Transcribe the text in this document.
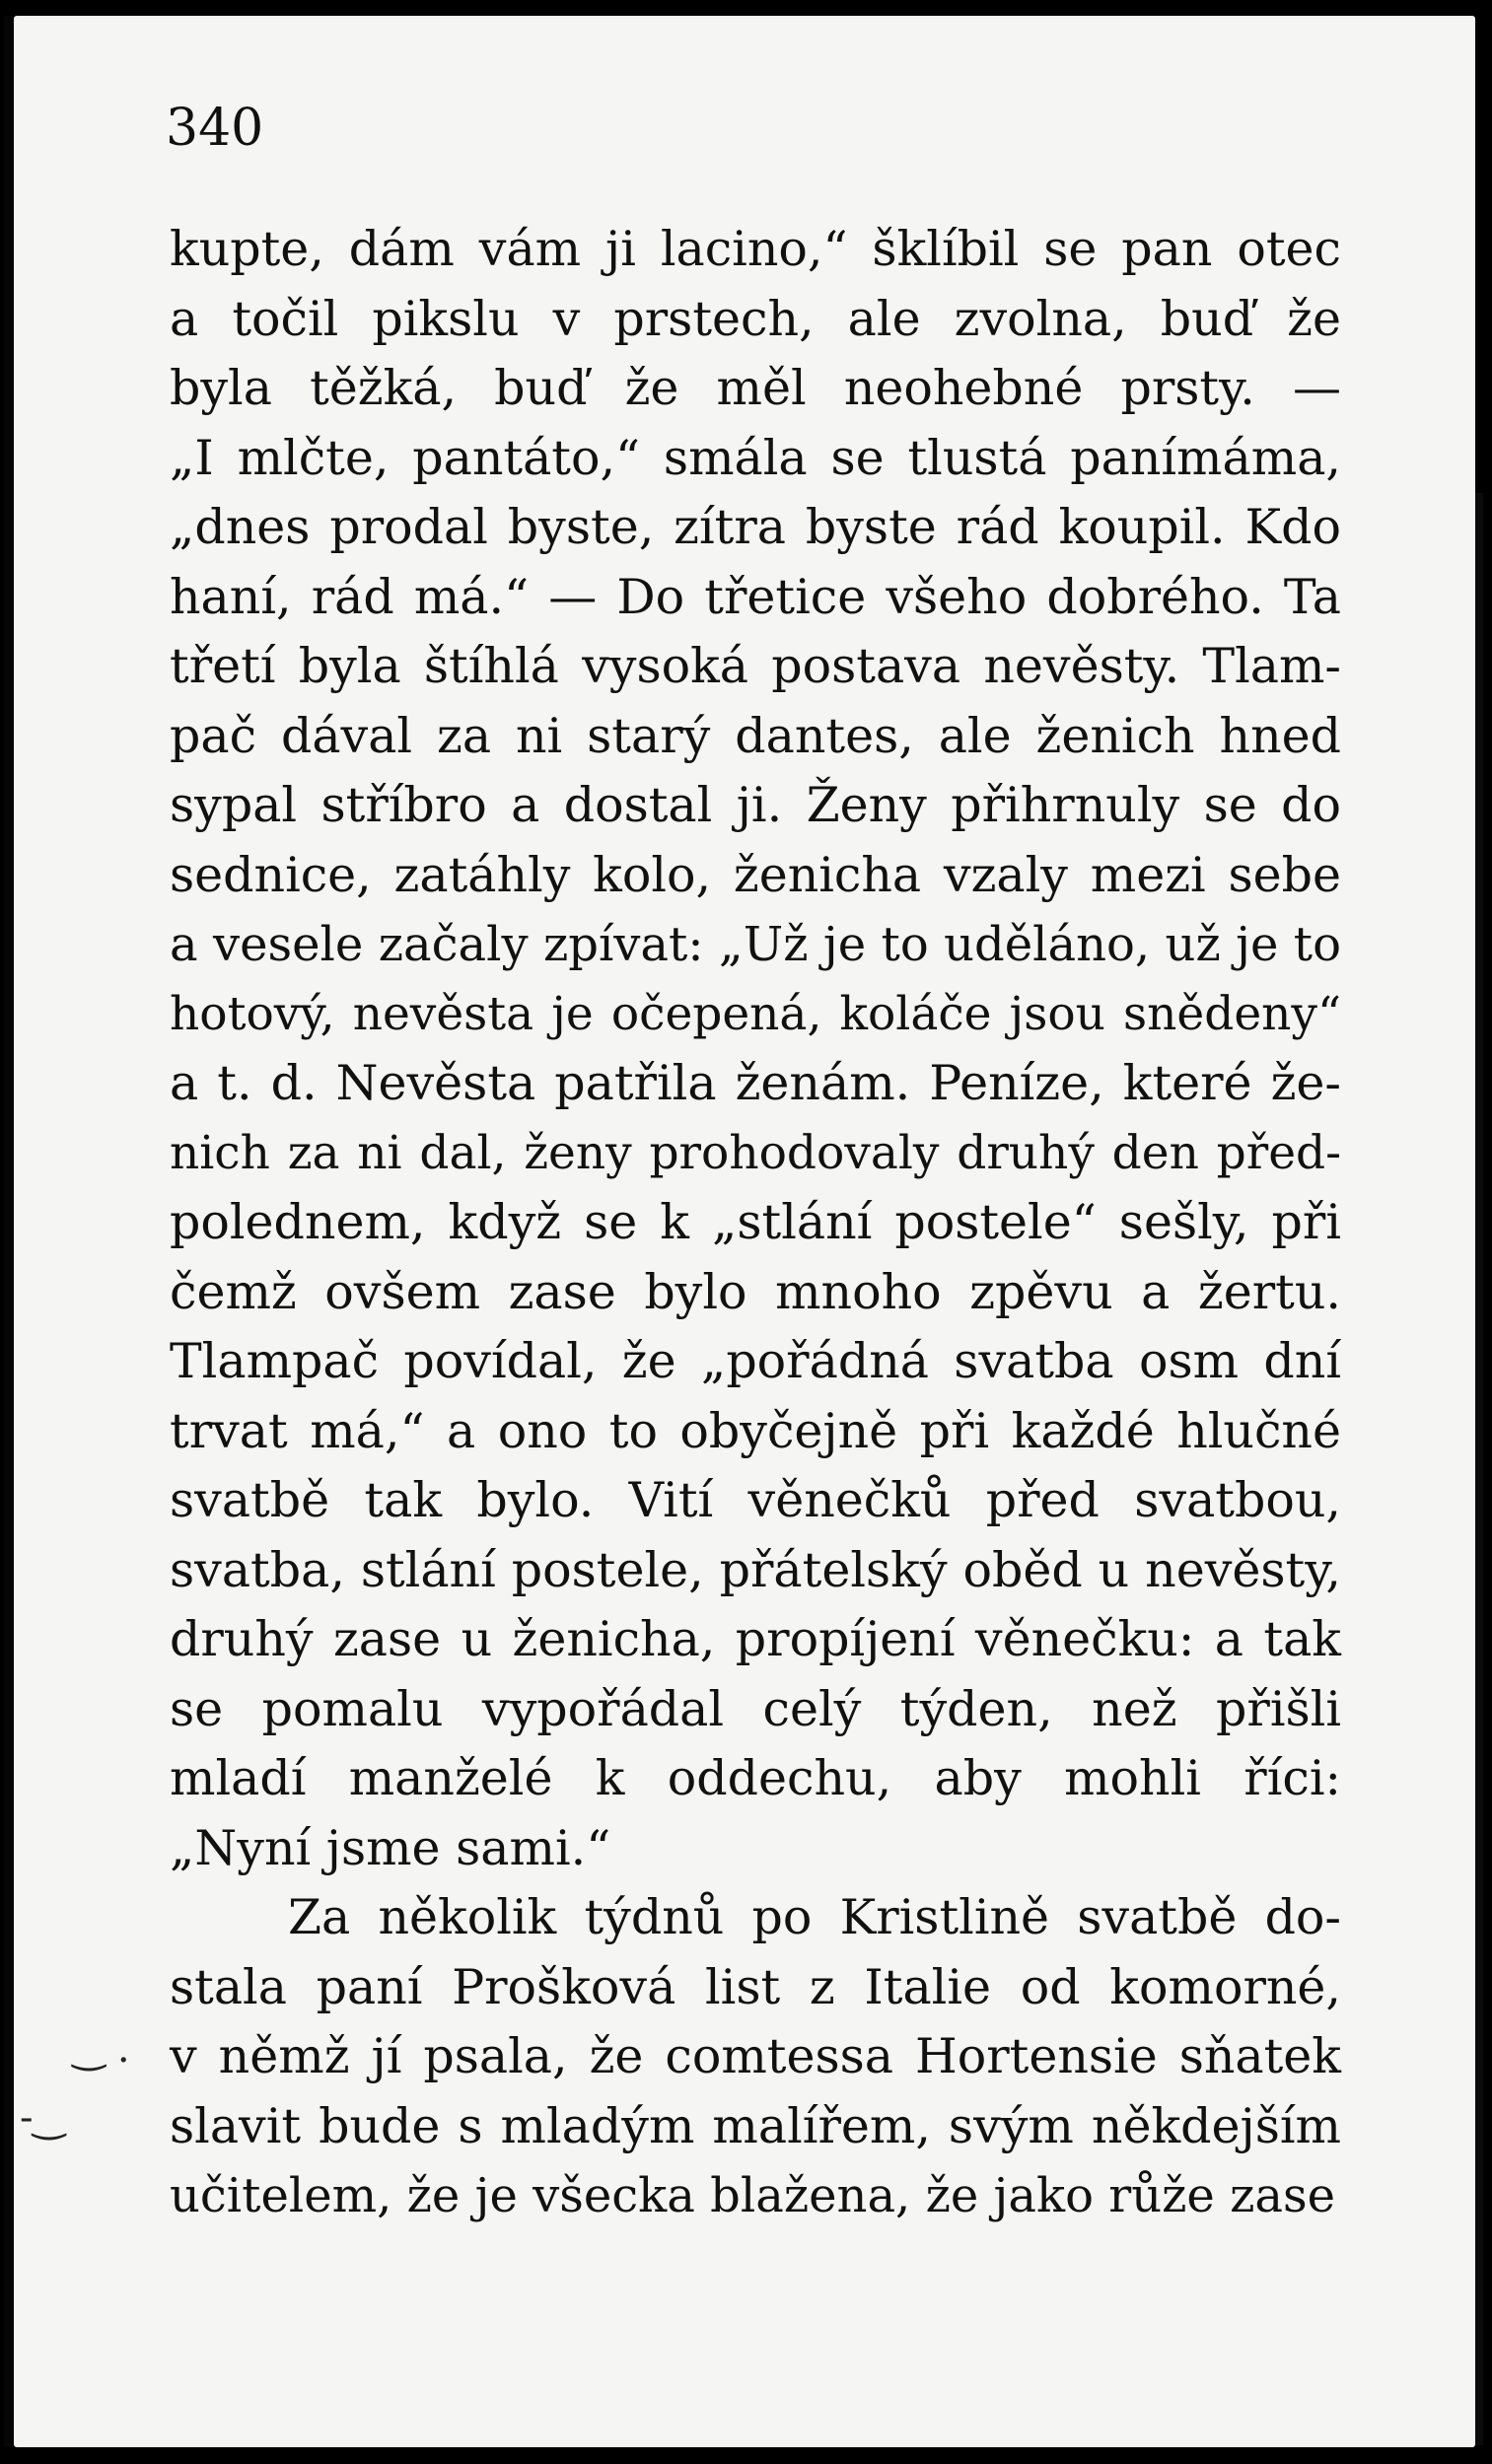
340

kupte, dám vám ji lacino,“ šklíbil se pan otec
a točil pikslu v prstech, ale zvolna, buď že
byla těžká, buď že měl neohebné prsty. —
„I mlčte, pantáto,“ smála se tlustá panímáma,
„dnes prodal byste, zítra byste rád koupil. Kdo
haní, rád má.“ — Do třetice všeho dobrého. Ta
třetí byla štíhlá vysoká postava nevěsty. Tlam-
pač dával za ni starý dantes, ale ženich hned
sypal stříbro a dostal ji. Ženy přihrnuly se do
sednice, zatáhly kolo, ženicha vzaly mezi sebe
a vesele začaly zpívat: „Už je to uděláno, už je to
hotový, nevěsta je očepená, koláče jsou snědeny“
a t. d. Nevěsta patřila ženám. Peníze, které že-
nich za ni dal, ženy prohodovaly druhý den před-
polednem, když se k „stlání postele“ sešly, při
čemž ovšem zase bylo mnoho zpěvu a žertu.
Tlampač povídal, že „pořádná svatba osm dní
trvat má,“ a ono to obyčejně při každé hlučné
svatbě tak bylo. Vití věnečků před svatbou,
svatba, stlání postele, přátelský oběd u nevěsty,
druhý zase u ženicha, propíjení věnečku: a tak
se pomalu vypořádal celý týden, než přišli
mladí manželé k oddechu, aby mohli říci:
„Nyní jsme sami.“
Za několik týdnů po Kristlině svatbě do-
stala paní Prošková list z Italie od komorné,
v němž jí psala, že comtessa Hortensie sňatek
slavit bude s mladým malířem, svým někdejším
učitelem, že je všecka blažena, že jako růže zase
‿ .
-‿
